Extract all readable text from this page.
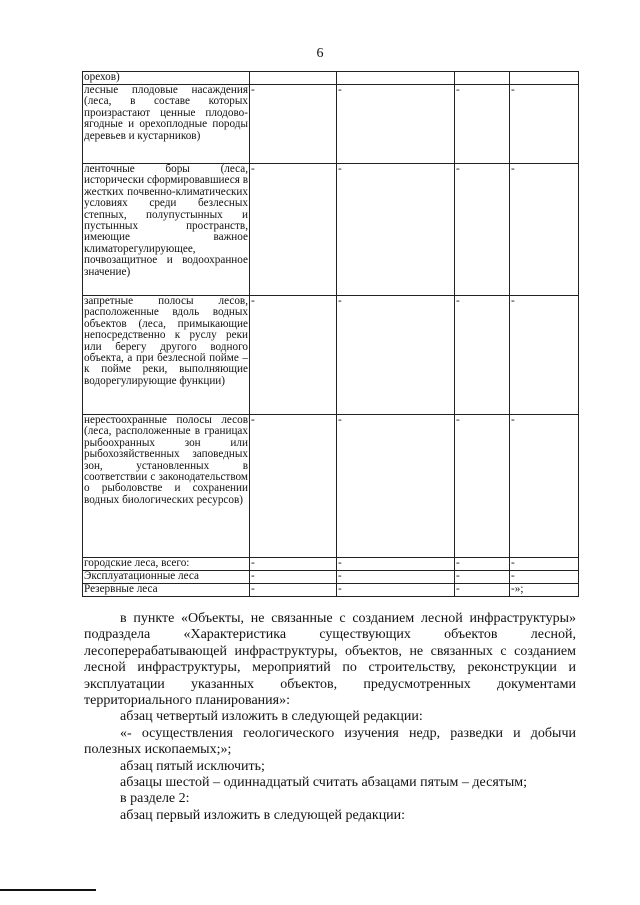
6
орехов)				
лесные плодовые насаждения (леса, в составе которых произрастают ценные плодово-ягодные и орехоплодные породы деревьев и кустарников)	-	-	-	-
ленточные боры (леса, исторически сформировавшиеся в жестких почвенно-климатических условиях среди безлесных степных, полупустынных и пустынных пространств, имеющие важное климаторегулирующее, почвозащитное и водоохранное значение)	-	-	-	-
запретные полосы лесов, расположенные вдоль водных объектов (леса, примыкающие непосредственно к руслу реки или берегу другого водного объекта, а при безлесной пойме – к пойме реки, выполняющие водорегулирующие функции)	-	-	-	-
нерестоохранные полосы лесов (леса, расположенные в границах рыбоохранных зон или рыбохозяйственных заповедных зон, установленных в соответствии с законодательством о рыболовстве и сохранении водных биологических ресурсов)	-	-	-	-
городские леса, всего:	-	-	-	-
Эксплуатационные леса	-	-	-	-
Резервные леса	-	-	-	-»;

в пункте «Объекты, не связанные с созданием лесной инфраструктуры» подраздела «Характеристика существующих объектов лесной, лесоперерабатывающей инфраструктуры, объектов, не связанных с созданием лесной инфраструктуры, мероприятий по строительству, реконструкции и эксплуатации указанных объектов, предусмотренных документами территориального планирования»:

абзац четвертый изложить в следующей редакции:

«- осуществления геологического изучения недр, разведки и добычи полезных ископаемых;»;

абзац пятый исключить;

абзацы шестой – одиннадцатый считать абзацами пятым – десятым;

в разделе 2:

абзац первый изложить в следующей редакции:
